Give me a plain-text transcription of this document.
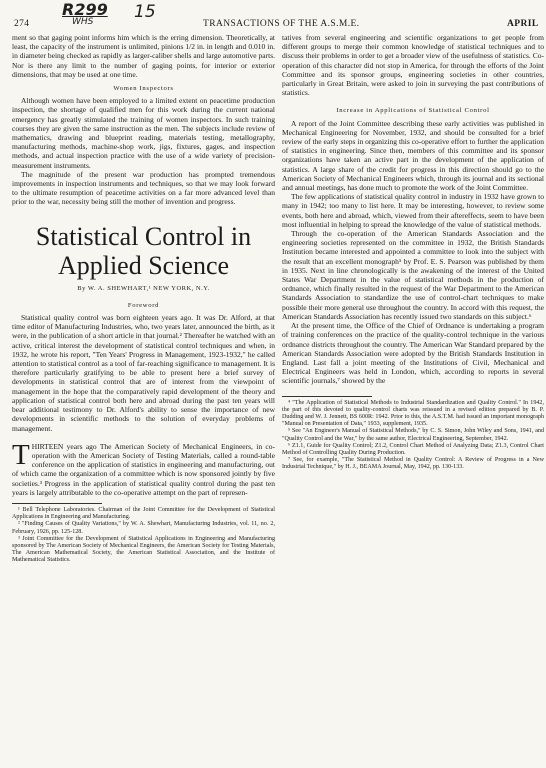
R299
WHS 15
274	TRANSACTIONS OF THE A.S.M.E.	APRIL

ment so that gaging point informs him which is the erring dimension. Theoretically, at least, the capacity of the instrument is unlimited, pinions 1/2 in. in length and 0.010 in. in diameter being checked as rapidly as larger-caliber shells and large automotive parts. Nor is there any limit to the number of gaging points, for interior or exterior dimensions, that may be used at one time.

Women Inspectors

Although women have been employed to a limited extent on peacetime production inspection, the shortage of qualified men for this work during the current national emergency has greatly stimulated the training of women inspectors. In such training courses they are given the same instruction as the men. The subjects include review of mathematics, drawing and blueprint reading, materials testing, metallography, manufacturing methods, machine-shop work, jigs, fixtures, gages, and inspection methods, and actual inspection practice with the use of a wide variety of precision-measurement instruments.

The magnitude of the present war production has prompted tremendous improvements in inspection instruments and techniques, so that we may look forward to the ultimate resumption of peacetime activities on a far more advanced level than prior to the war, necessity being still the mother of invention and progress.

Statistical Control in
Applied Science
By W. A. SHEWHART,¹ NEW YORK, N.Y.
Foreword

Statistical quality control was born eighteen years ago. It was Dr. Alford, at that time editor of Manufacturing Industries, who, two years later, announced the birth, as it were, in the publication of a short article in that journal.² Thereafter he watched with an active, critical interest the development of statistical control techniques and when, in 1932, he wrote his report, "Ten Years' Progress in Management, 1923-1932," he called attention to statistical control as a tool of far-reaching significance to management. It is therefore particularly gratifying to be able to present here a brief survey of developments in statistical control that are of interest from the viewpoint of management in the hope that the comparatively rapid development of the theory and application of statistical control both here and abroad during the past ten years will bear additional testimony to Dr. Alford's ability to sense the importance of new developments in scientific methods to the solution of everyday problems of management.

T HIRTEEN years ago The American Society of Mechanical Engineers, in co-operation with the American Society of Testing Materials, called a round-table conference on the application of statistics in engineering and manufacturing, out of which came the organization of a committee which is now sponsored jointly by five societies.³ Progress in the application of statistical quality control during the past ten years is largely attributable to the co-operative attempt on the part of represen-

¹ Bell Telephone Laboratories. Chairman of the Joint Committee for the Development of Statistical Applications in Engineering and Manufacturing.

² "Finding Causes of Quality Variations," by W. A. Shewhart, Manufacturing Industries, vol. 11, no. 2, February, 1926, pp. 125-128.

³ Joint Committee for the Development of Statistical Applications in Engineering and Manufacturing sponsored by The American Society of Mechanical Engineers, the American Society for Testing Materials, The American Mathematical Society, the American Statistical Association, and the Institute of Mathematical Statistics.

tatives from several engineering and scientific organizations to get people from different groups to merge their common knowledge of statistical techniques and to discuss their problems in order to get a broader view of the usefulness of statistics. Co-operation of this character did not stop in America, for through the efforts of the Joint Committee and its sponsor groups, engineering societies in other countries, particularly in Great Britain, were asked to join in surveying the past contributions of statistics.

Increase in Applications of Statistical Control

A report of the Joint Committee describing these early activities was published in Mechanical Engineering for November, 1932, and should be consulted for a brief review of the early steps in organizing this co-operative effort to further the application of statistics in engineering. Since then, members of this committee and its sponsor organizations have taken an active part in the development of the application of statistics. A large share of the credit for progress in this direction should go to the American Society of Mechanical Engineers which, through its journal and its sectional and annual meetings, has done much to promote the work of the Joint Committee.

The few applications of statistical quality control in industry in 1932 have grown to many in 1942; too many to list here. It may be interesting, however, to review some events, both here and abroad, which, viewed from their aftereffects, seem to have been most influential in helping to spread the knowledge of the value of statistical methods.

Through the co-operation of the American Standards Association and the engineering societies represented on the committee in 1932, the British Standards Institution became interested and appointed a committee to look into the subject with the result that an excellent monograph⁵ by Prof. E. S. Pearson was published by them in 1935. Next in line chronologically is the awakening of the interest of the United States War Department in the value of statistical methods in the production of ordnance, which finally resulted in the request of the War Department to the American Standards Association to standardize the use of control-chart techniques to make possible their more general use throughout the country. In accord with this request, the American Standards Association has recently issued two standards on this subject.⁶

At the present time, the Office of the Chief of Ordnance is undertaking a program of training conferences on the practice of the quality-control technique in the various ordnance districts throughout the country. The American War Standard prepared by the American Standards Association were adopted by the British Standards Institution in England. Last fall a joint meeting of the Institutions of Civil, Mechanical and Electrical Engineers was held in London, which, according to reports in several scientific journals,⁷ showed by the

⁴ "The Application of Statistical Methods to Industrial Standardization and Quality Control." In 1942, the part of this devoted to quality-control charts was reissued in a revised edition prepared by B. P. Dudding and W. J. Jennett, BS 600R: 1942. Prior to this, the A.S.T.M. had issued an important monograph "Manual on Presentation of Data," 1933, supplement, 1935.

⁵ See "An Engineer's Manual of Statistical Methods," by C. S. Simon, John Wiley and Sons, 1941, and "Quality Control and the War," by the same author, Electrical Engineering, September, 1942.

⁶ Z1.1, Guide for Quality Control; Z1.2, Control Chart Method of Analyzing Data; Z1.3, Control Chart Method of Controlling Quality During Production.

⁷ See, for example, "The Statistical Method in Quality Control: A Review of Progress in a New Industrial Technique," by H. J., BEAMA Journal, May, 1942, pp. 130-133.
